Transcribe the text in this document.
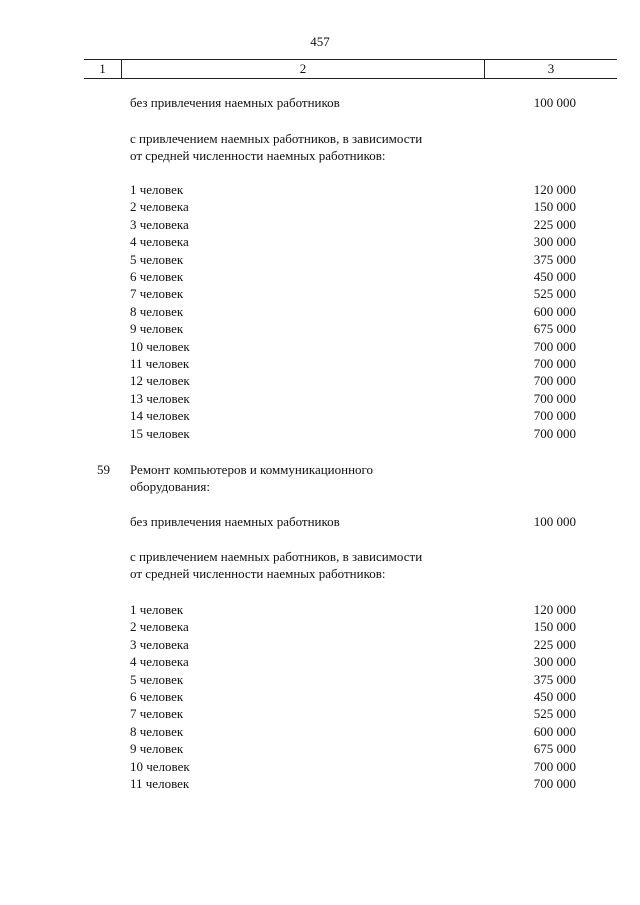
457
1	2	3
без привлечения наемных работников	100 000
с привлечением наемных работников, в зависимости
от средней численности наемных работников:
1 человек	120 000
2 человека	150 000
3 человека	225 000
4 человека	300 000
5 человек	375 000
6 человек	450 000
7 человек	525 000
8 человек	600 000
9 человек	675 000
10 человек	700 000
11 человек	700 000
12 человек	700 000
13 человек	700 000
14 человек	700 000
15 человек	700 000
59 Ремонт компьютеров и коммуникационного
оборудования:
без привлечения наемных работников	100 000
с привлечением наемных работников, в зависимости
от средней численности наемных работников:
1 человек	120 000
2 человека	150 000
3 человека	225 000
4 человека	300 000
5 человек	375 000
6 человек	450 000
7 человек	525 000
8 человек	600 000
9 человек	675 000
10 человек	700 000
11 человек	700 000
